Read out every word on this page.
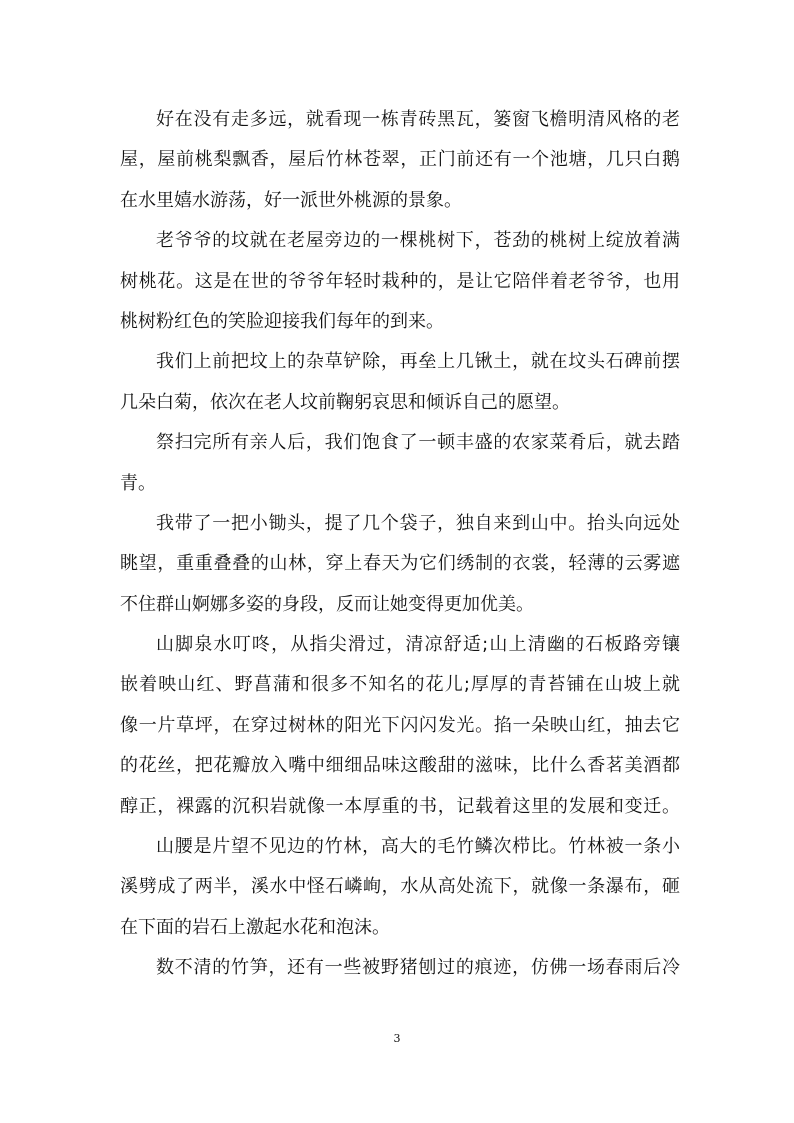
好在没有走多远，就看现一栋青砖黑瓦，篓窗飞檐明清风格的老
屋，屋前桃梨飘香，屋后竹林苍翠，正门前还有一个池塘，几只白鹅
在水里嬉水游荡，好一派世外桃源的景象。
老爷爷的坟就在老屋旁边的一棵桃树下，苍劲的桃树上绽放着满
树桃花。这是在世的爷爷年轻时栽种的，是让它陪伴着老爷爷，也用
桃树粉红色的笑脸迎接我们每年的到来。
我们上前把坟上的杂草铲除，再垒上几锹土，就在坟头石碑前摆
几朵白菊，依次在老人坟前鞠躬哀思和倾诉自己的愿望。
祭扫完所有亲人后，我们饱食了一顿丰盛的农家菜肴后，就去踏
青。
我带了一把小锄头，提了几个袋子，独自来到山中。抬头向远处
眺望，重重叠叠的山林，穿上春天为它们绣制的衣裳，轻薄的云雾遮
不住群山婀娜多姿的身段，反而让她变得更加优美。
山脚泉水叮咚，从指尖滑过，清凉舒适;山上清幽的石板路旁镶
嵌着映山红、野菖蒲和很多不知名的花儿;厚厚的青苔铺在山坡上就
像一片草坪，在穿过树林的阳光下闪闪发光。掐一朵映山红，抽去它
的花丝，把花瓣放入嘴中细细品味这酸甜的滋味，比什么香茗美酒都
醇正，裸露的沉积岩就像一本厚重的书，记载着这里的发展和变迁。
山腰是片望不见边的竹林，高大的毛竹鳞次栉比。竹林被一条小
溪劈成了两半，溪水中怪石嶙峋，水从高处流下，就像一条瀑布，砸
在下面的岩石上激起水花和泡沫。
数不清的竹笋，还有一些被野猪刨过的痕迹，仿佛一场春雨后冷
3
